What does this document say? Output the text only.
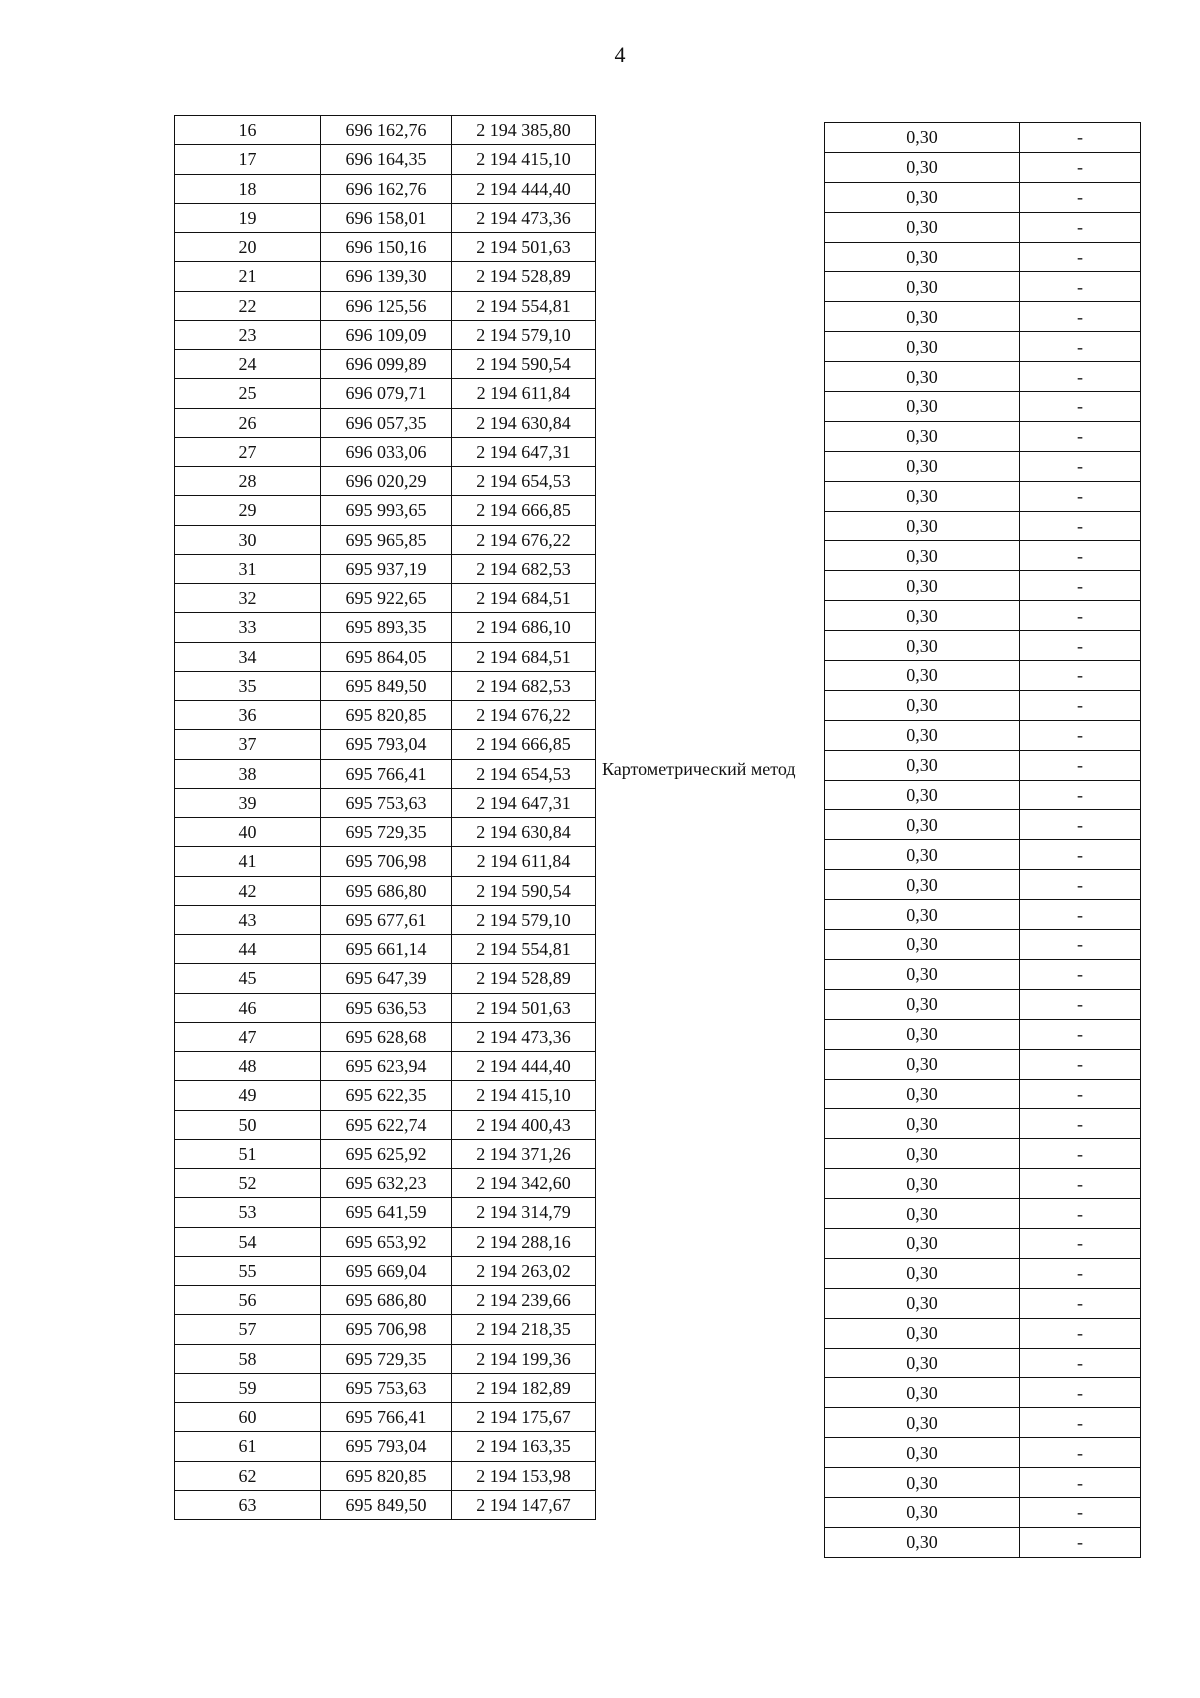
4
16	696 162,76	2 194 385,80
17	696 164,35	2 194 415,10
18	696 162,76	2 194 444,40
19	696 158,01	2 194 473,36
20	696 150,16	2 194 501,63
21	696 139,30	2 194 528,89
22	696 125,56	2 194 554,81
23	696 109,09	2 194 579,10
24	696 099,89	2 194 590,54
25	696 079,71	2 194 611,84
26	696 057,35	2 194 630,84
27	696 033,06	2 194 647,31
28	696 020,29	2 194 654,53
29	695 993,65	2 194 666,85
30	695 965,85	2 194 676,22
31	695 937,19	2 194 682,53
32	695 922,65	2 194 684,51
33	695 893,35	2 194 686,10
34	695 864,05	2 194 684,51
35	695 849,50	2 194 682,53
36	695 820,85	2 194 676,22
37	695 793,04	2 194 666,85
38	695 766,41	2 194 654,53
39	695 753,63	2 194 647,31
40	695 729,35	2 194 630,84
41	695 706,98	2 194 611,84
42	695 686,80	2 194 590,54
43	695 677,61	2 194 579,10
44	695 661,14	2 194 554,81
45	695 647,39	2 194 528,89
46	695 636,53	2 194 501,63
47	695 628,68	2 194 473,36
48	695 623,94	2 194 444,40
49	695 622,35	2 194 415,10
50	695 622,74	2 194 400,43
51	695 625,92	2 194 371,26
52	695 632,23	2 194 342,60
53	695 641,59	2 194 314,79
54	695 653,92	2 194 288,16
55	695 669,04	2 194 263,02
56	695 686,80	2 194 239,66
57	695 706,98	2 194 218,35
58	695 729,35	2 194 199,36
59	695 753,63	2 194 182,89
60	695 766,41	2 194 175,67
61	695 793,04	2 194 163,35
62	695 820,85	2 194 153,98
63	695 849,50	2 194 147,67
Картометрический метод
0,30	-
0,30	-
0,30	-
0,30	-
0,30	-
0,30	-
0,30	-
0,30	-
0,30	-
0,30	-
0,30	-
0,30	-
0,30	-
0,30	-
0,30	-
0,30	-
0,30	-
0,30	-
0,30	-
0,30	-
0,30	-
0,30	-
0,30	-
0,30	-
0,30	-
0,30	-
0,30	-
0,30	-
0,30	-
0,30	-
0,30	-
0,30	-
0,30	-
0,30	-
0,30	-
0,30	-
0,30	-
0,30	-
0,30	-
0,30	-
0,30	-
0,30	-
0,30	-
0,30	-
0,30	-
0,30	-
0,30	-
0,30	-
